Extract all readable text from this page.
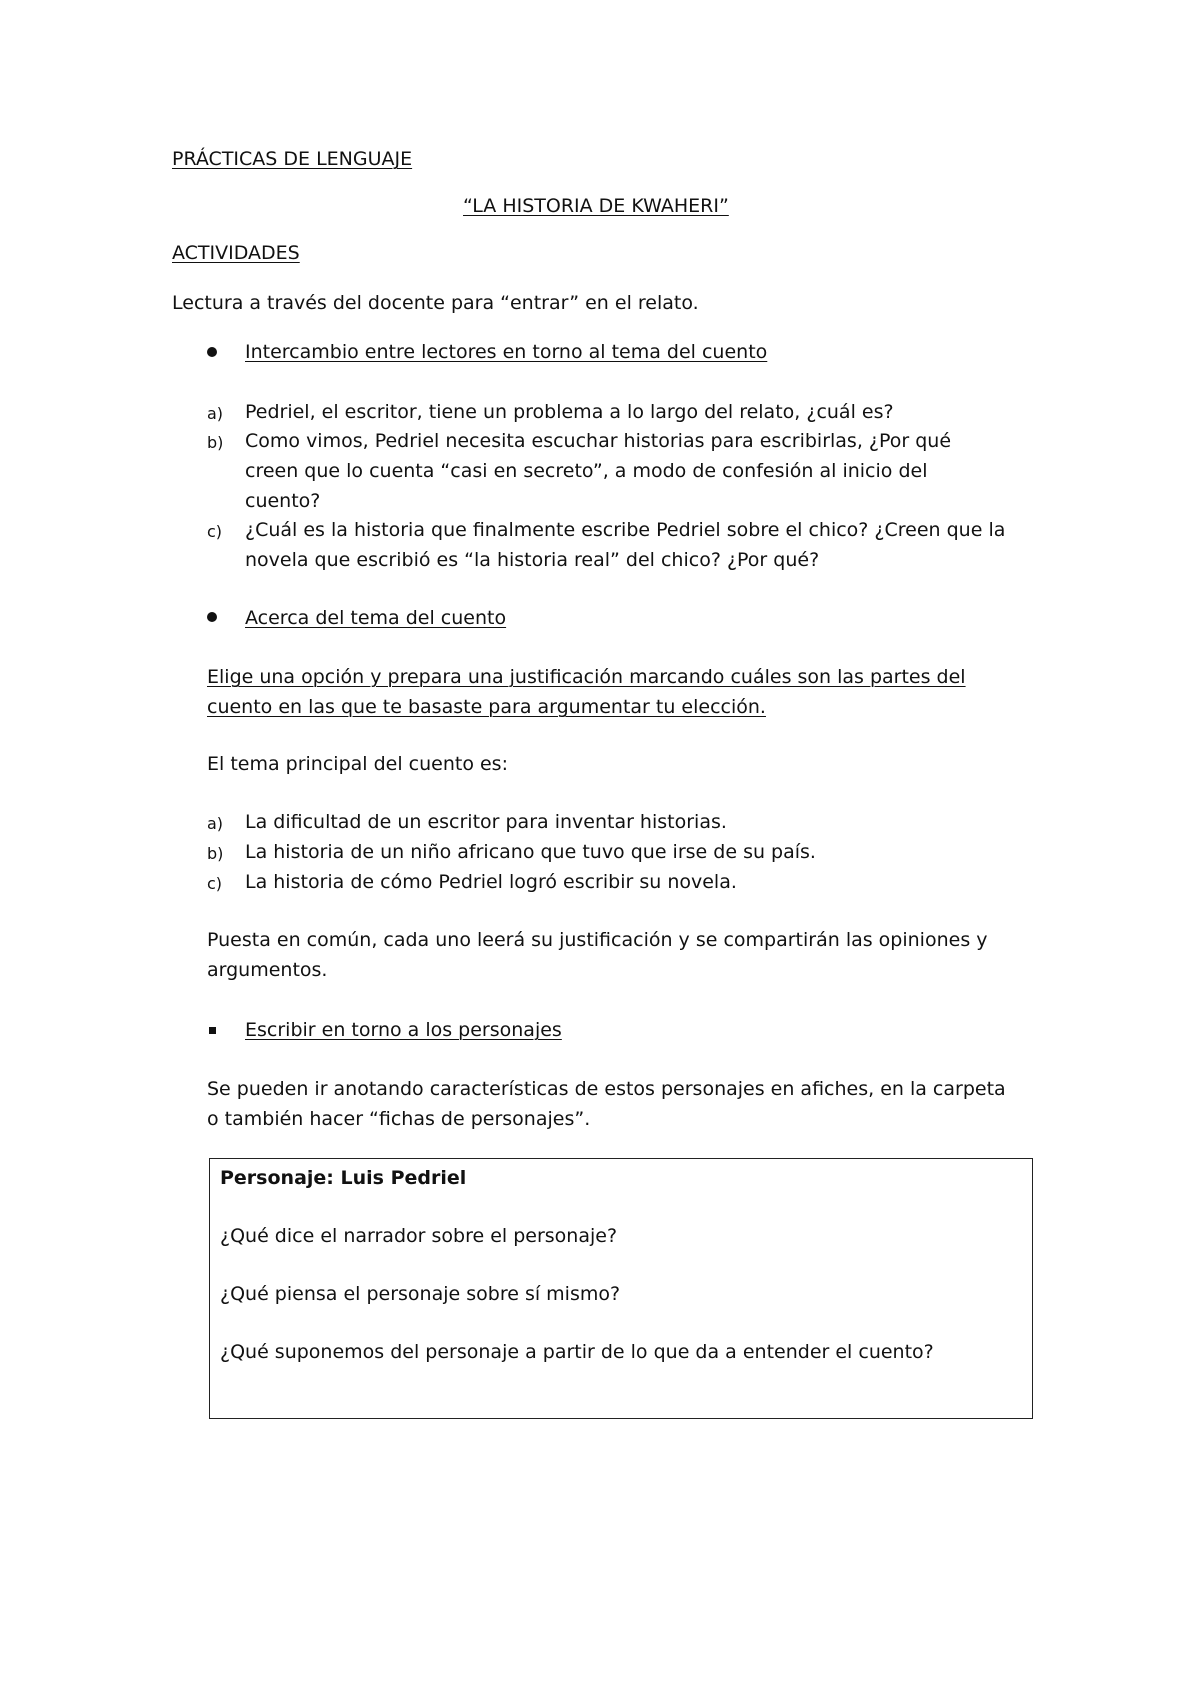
PRÁCTICAS DE LENGUAJE

“LA HISTORIA DE KWAHERI”

ACTIVIDADES

Lectura a través del docente para “entrar” en el relato.

Intercambio entre lectores en torno al tema del cuento

a) Pedriel, el escritor, tiene un problema a lo largo del relato, ¿cuál es?
b) Como vimos, Pedriel necesita escuchar historias para escribirlas, ¿Por qué
creen que lo cuenta “casi en secreto”, a modo de confesión al inicio del
cuento?
c) ¿Cuál es la historia que finalmente escribe Pedriel sobre el chico? ¿Creen que la
novela que escribió es “la historia real” del chico? ¿Por qué?

Acerca del tema del cuento

Elige una opción y prepara una justificación marcando cuáles son las partes del

cuento en las que te basaste para argumentar tu elección.

El tema principal del cuento es:

a) La dificultad de un escritor para inventar historias.
b) La historia de un niño africano que tuvo que irse de su país.
c) La historia de cómo Pedriel logró escribir su novela.

Puesta en común, cada uno leerá su justificación y se compartirán las opiniones y

argumentos.

Escribir en torno a los personajes

Se pueden ir anotando características de estos personajes en afiches, en la carpeta

o también hacer “fichas de personajes”.

Personaje: Luis Pedriel

¿Qué dice el narrador sobre el personaje?

¿Qué piensa el personaje sobre sí mismo?

¿Qué suponemos del personaje a partir de lo que da a entender el cuento?
